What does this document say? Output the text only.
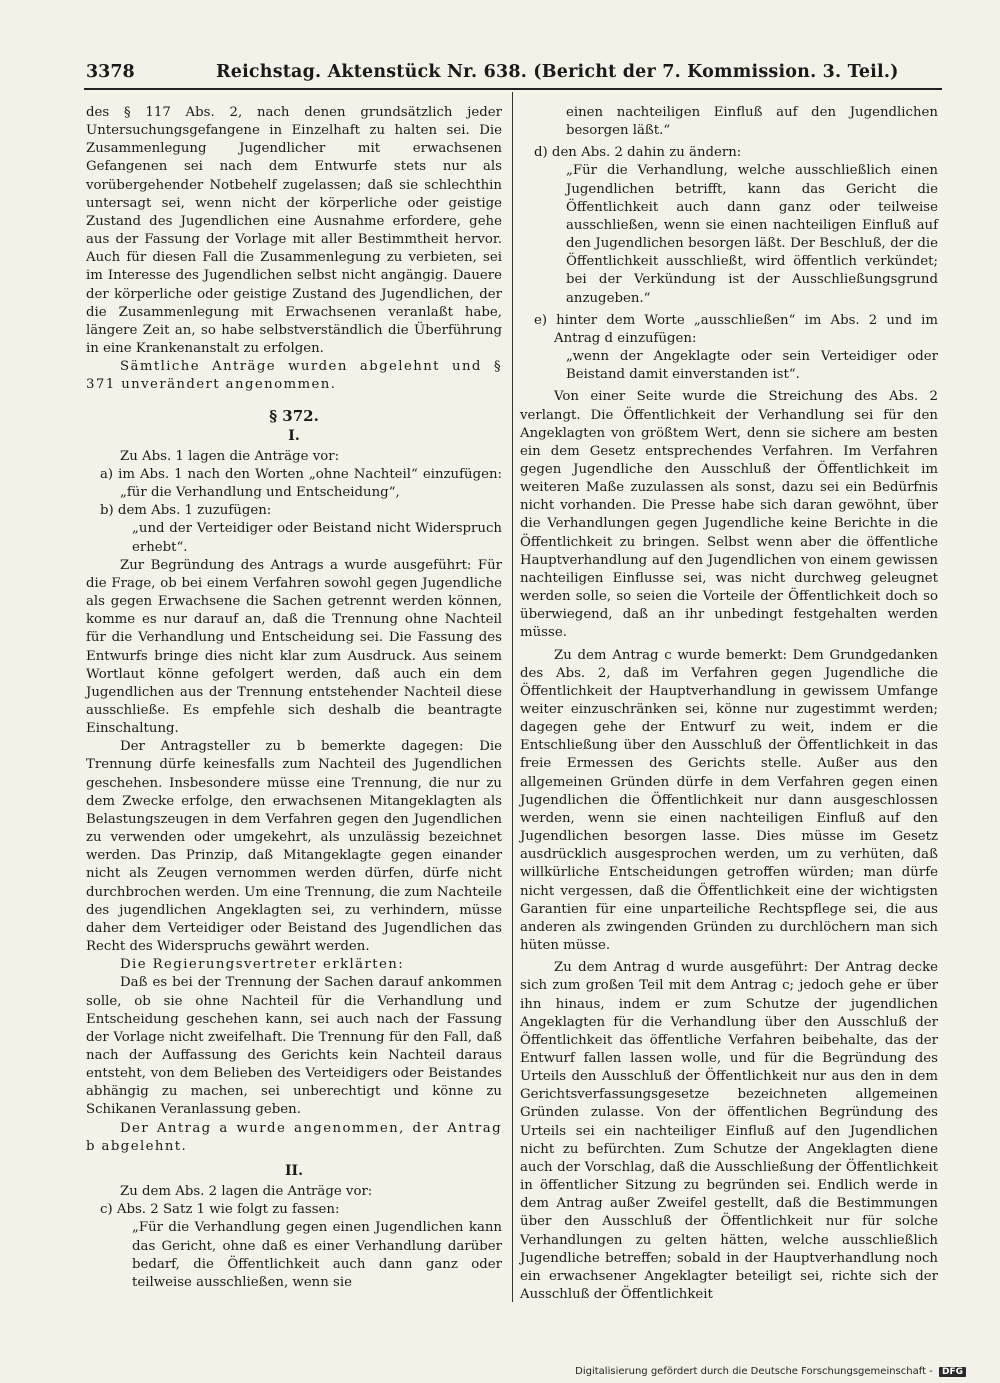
3378	Reichstag. Aktenstück Nr. 638. (Bericht der 7. Kommission. 3. Teil.)

des § 117 Abs. 2, nach denen grundsätzlich jeder Untersuchungsgefangene in Einzelhaft zu halten sei. Die Zusammenlegung Jugendlicher mit erwachsenen Gefangenen sei nach dem Entwurfe stets nur als vorübergehender Notbehelf zugelassen; daß sie schlechthin untersagt sei, wenn nicht der körperliche oder geistige Zustand des Jugendlichen eine Ausnahme erfordere, gehe aus der Fassung der Vorlage mit aller Bestimmtheit hervor. Auch für diesen Fall die Zusammenlegung zu verbieten, sei im Interesse des Jugendlichen selbst nicht angängig. Dauere der körperliche oder geistige Zustand des Jugendlichen, der die Zusammenlegung mit Erwachsenen veranlaßt habe, längere Zeit an, so habe selbstverständlich die Überführung in eine Krankenanstalt zu erfolgen.

Sämtliche Anträge wurden abgelehnt und § 371 unverändert angenommen.

§ 372.

I.

Zu Abs. 1 lagen die Anträge vor:

a) im Abs. 1 nach den Worten „ohne Nachteil“ einzufügen: „für die Verhandlung und Entscheidung“,

b) dem Abs. 1 zuzufügen:

„und der Verteidiger oder Beistand nicht Widerspruch erhebt“.

Zur Begründung des Antrags a wurde ausgeführt: Für die Frage, ob bei einem Verfahren sowohl gegen Jugendliche als gegen Erwachsene die Sachen getrennt werden können, komme es nur darauf an, daß die Trennung ohne Nachteil für die Verhandlung und Entscheidung sei. Die Fassung des Entwurfs bringe dies nicht klar zum Ausdruck. Aus seinem Wortlaut könne gefolgert werden, daß auch ein dem Jugendlichen aus der Trennung entstehender Nachteil diese ausschließe. Es empfehle sich deshalb die beantragte Einschaltung.

Der Antragsteller zu b bemerkte dagegen: Die Trennung dürfe keinesfalls zum Nachteil des Jugendlichen geschehen. Insbesondere müsse eine Trennung, die nur zu dem Zwecke erfolge, den erwachsenen Mitangeklagten als Belastungszeugen in dem Verfahren gegen den Jugendlichen zu verwenden oder umgekehrt, als unzulässig bezeichnet werden. Das Prinzip, daß Mitangeklagte gegen einander nicht als Zeugen vernommen werden dürfen, dürfe nicht durchbrochen werden. Um eine Trennung, die zum Nachteile des jugendlichen Angeklagten sei, zu verhindern, müsse daher dem Verteidiger oder Beistand des Jugendlichen das Recht des Widerspruchs gewährt werden.

Die Regierungsvertreter erklärten:

Daß es bei der Trennung der Sachen darauf ankommen solle, ob sie ohne Nachteil für die Verhandlung und Entscheidung geschehen kann, sei auch nach der Fassung der Vorlage nicht zweifelhaft. Die Trennung für den Fall, daß nach der Auffassung des Gerichts kein Nachteil daraus entsteht, von dem Belieben des Verteidigers oder Beistandes abhängig zu machen, sei unberechtigt und könne zu Schikanen Veranlassung geben.

Der Antrag a wurde angenommen, der Antrag b abgelehnt.

II.

Zu dem Abs. 2 lagen die Anträge vor:

c) Abs. 2 Satz 1 wie folgt zu fassen:

„Für die Verhandlung gegen einen Jugendlichen kann das Gericht, ohne daß es einer Verhandlung darüber bedarf, die Öffentlichkeit auch dann ganz oder teilweise ausschließen, wenn sie

einen nachteiligen Einfluß auf den Jugendlichen besorgen läßt.“

d) den Abs. 2 dahin zu ändern:

„Für die Verhandlung, welche ausschließlich einen Jugendlichen betrifft, kann das Gericht die Öffentlichkeit auch dann ganz oder teilweise ausschließen, wenn sie einen nachteiligen Einfluß auf den Jugendlichen besorgen läßt. Der Beschluß, der die Öffentlichkeit ausschließt, wird öffentlich verkündet; bei der Verkündung ist der Ausschließungsgrund anzugeben.“

e) hinter dem Worte „ausschließen“ im Abs. 2 und im Antrag d einzufügen:

„wenn der Angeklagte oder sein Verteidiger oder Beistand damit einverstanden ist“.

Von einer Seite wurde die Streichung des Abs. 2 verlangt. Die Öffentlichkeit der Verhandlung sei für den Angeklagten von größtem Wert, denn sie sichere am besten ein dem Gesetz entsprechendes Verfahren. Im Verfahren gegen Jugendliche den Ausschluß der Öffentlichkeit im weiteren Maße zuzulassen als sonst, dazu sei ein Bedürfnis nicht vorhanden. Die Presse habe sich daran gewöhnt, über die Verhandlungen gegen Jugendliche keine Berichte in die Öffentlichkeit zu bringen. Selbst wenn aber die öffentliche Hauptverhandlung auf den Jugendlichen von einem gewissen nachteiligen Einflusse sei, was nicht durchweg geleugnet werden solle, so seien die Vorteile der Öffentlichkeit doch so überwiegend, daß an ihr unbedingt festgehalten werden müsse.

Zu dem Antrag c wurde bemerkt: Dem Grundgedanken des Abs. 2, daß im Verfahren gegen Jugendliche die Öffentlichkeit der Hauptverhandlung in gewissem Umfange weiter einzuschränken sei, könne nur zugestimmt werden; dagegen gehe der Entwurf zu weit, indem er die Entschließung über den Ausschluß der Öffentlichkeit in das freie Ermessen des Gerichts stelle. Außer aus den allgemeinen Gründen dürfe in dem Verfahren gegen einen Jugendlichen die Öffentlichkeit nur dann ausgeschlossen werden, wenn sie einen nachteiligen Einfluß auf den Jugendlichen besorgen lasse. Dies müsse im Gesetz ausdrücklich ausgesprochen werden, um zu verhüten, daß willkürliche Entscheidungen getroffen würden; man dürfe nicht vergessen, daß die Öffentlichkeit eine der wichtigsten Garantien für eine unparteiliche Rechtspflege sei, die aus anderen als zwingenden Gründen zu durchlöchern man sich hüten müsse.

Zu dem Antrag d wurde ausgeführt: Der Antrag decke sich zum großen Teil mit dem Antrag c; jedoch gehe er über ihn hinaus, indem er zum Schutze der jugendlichen Angeklagten für die Verhandlung über den Ausschluß der Öffentlichkeit das öffentliche Verfahren beibehalte, das der Entwurf fallen lassen wolle, und für die Begründung des Urteils den Ausschluß der Öffentlichkeit nur aus den in dem Gerichtsverfassungsgesetze bezeichneten allgemeinen Gründen zulasse. Von der öffentlichen Begründung des Urteils sei ein nachteiliger Einfluß auf den Jugendlichen nicht zu befürchten. Zum Schutze der Angeklagten diene auch der Vorschlag, daß die Ausschließung der Öffentlichkeit in öffentlicher Sitzung zu begründen sei. Endlich werde in dem Antrag außer Zweifel gestellt, daß die Bestimmungen über den Ausschluß der Öffentlichkeit nur für solche Verhandlungen zu gelten hätten, welche ausschließlich Jugendliche betreffen; sobald in der Hauptverhandlung noch ein erwachsener Angeklagter beteiligt sei, richte sich der Ausschluß der Öffentlichkeit

Digitalisierung gefördert durch die Deutsche Forschungsgemeinschaft - DFG
